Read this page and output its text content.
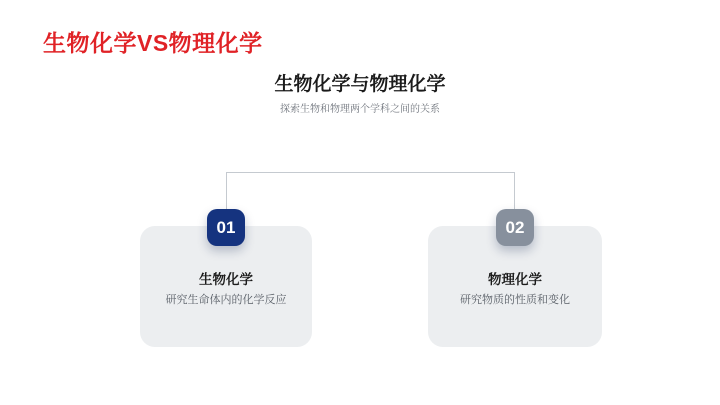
生物化学VS物理化学
生物化学与物理化学
探索生物和物理两个学科之间的关系
01
生物化学
研究生命体内的化学反应
02
物理化学
研究物质的性质和变化
